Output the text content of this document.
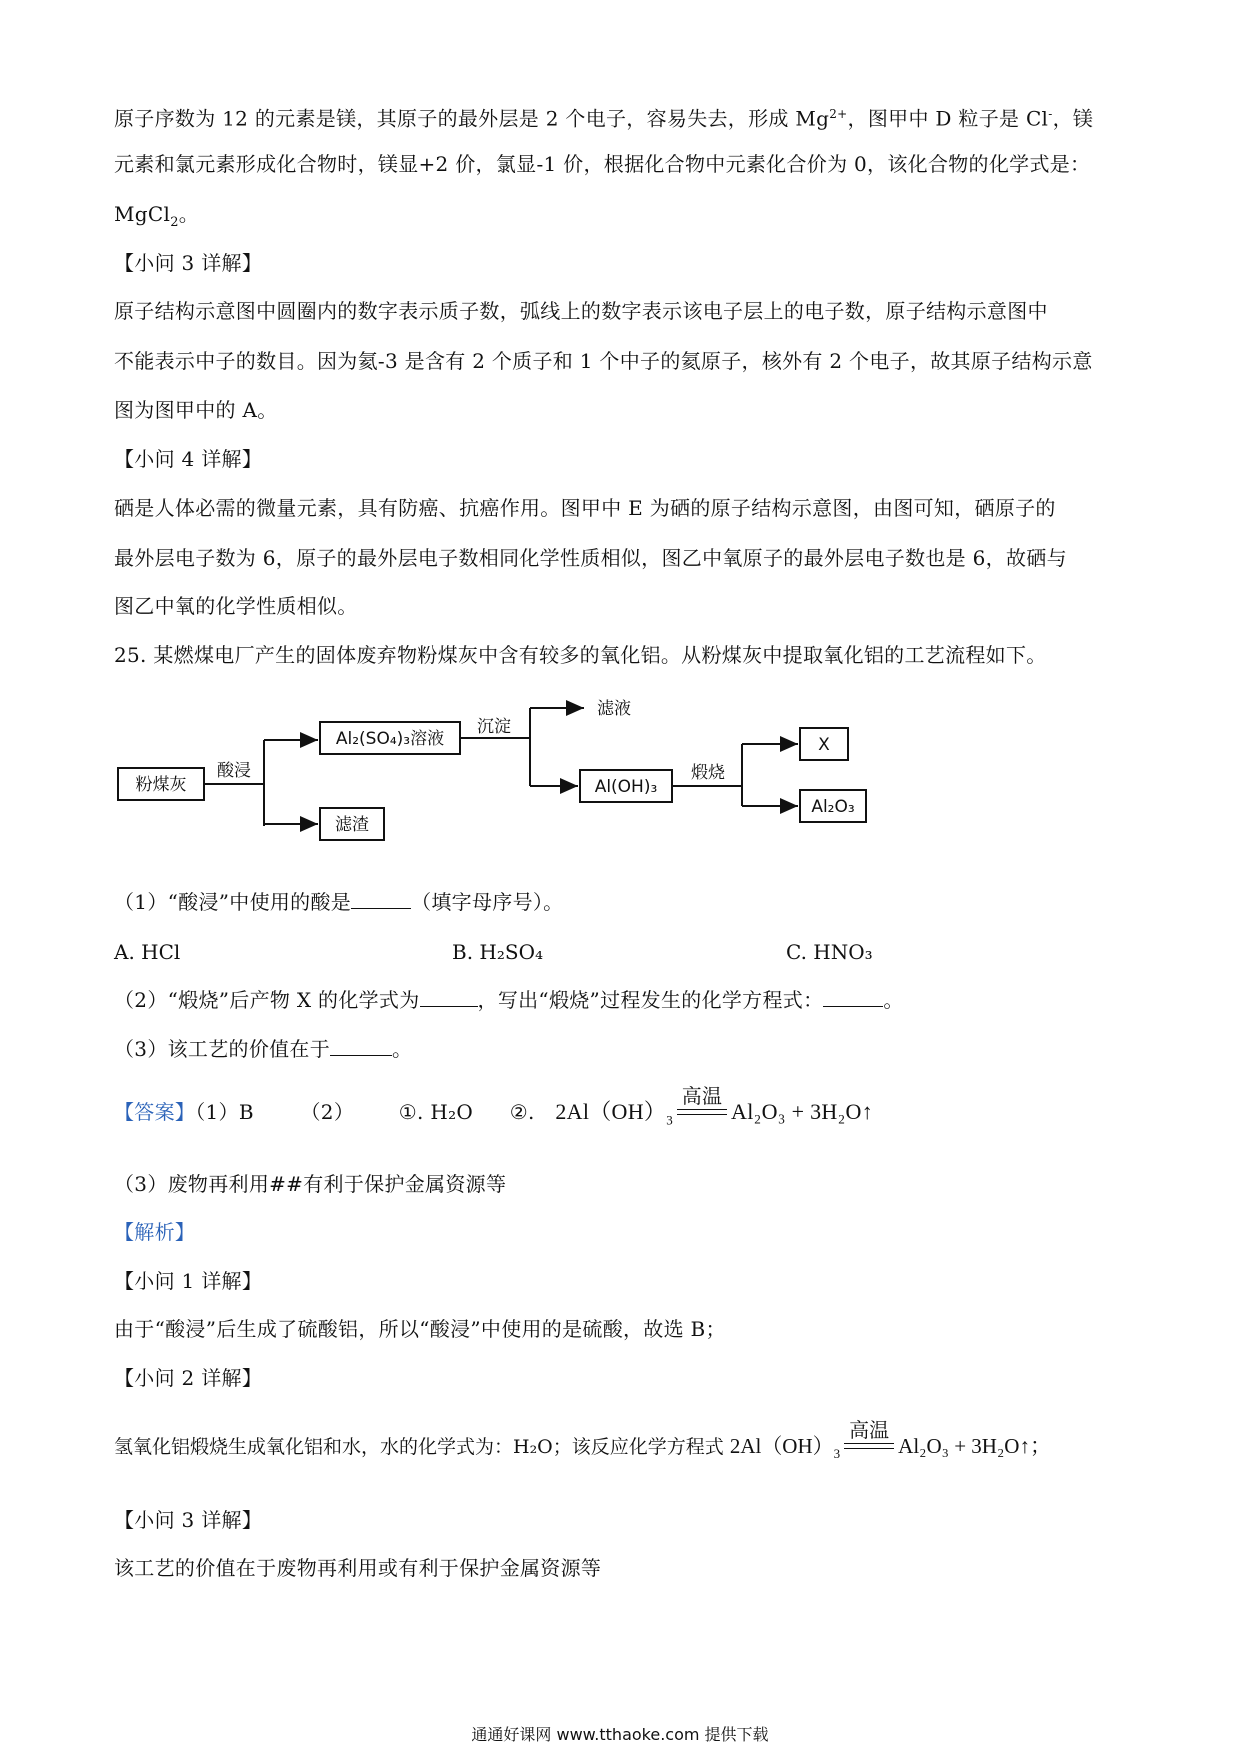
原子序数为 12 的元素是镁，其原子的最外层是 2 个电子，容易失去，形成 $Mg^{2+}$，图甲中 D 粒子是 Cl-，镁
元素和氯元素形成化合物时，镁显+2 价，氯显-1 价，根据化合物中元素化合价为 0，该化合物的化学式是：
MgCl$_2$。
【小问 3 详解】
原子结构示意图中圆圈内的数字表示质子数，弧线上的数字表示该电子层上的电子数，原子结构示意图中
不能表示中子的数目。因为氦-3 是含有 2 个质子和 1 个中子的氦原子，核外有 2 个电子，故其原子结构示意
图为图甲中的 A。
【小问 4 详解】
硒是人体必需的微量元素，具有防癌、抗癌作用。图甲中 E 为硒的原子结构示意图，由图可知，硒原子的
最外层电子数为 6，原子的最外层电子数相同化学性质相似，图乙中氧原子的最外层电子数也是 6，故硒与
图乙中氧的化学性质相似。
25. 某燃煤电厂产生的固体废弃物粉煤灰中含有较多的氧化铝。从粉煤灰中提取氧化铝的工艺流程如下。
粉煤灰
酸浸
Al₂(SO₄)₃溶液
滤渣
沉淀
滤液
Al(OH)₃
煅烧
X
Al₂O₃
（1）“酸浸”中使用的酸是	（填字母序号）。
A. HCl	B. H₂SO₄	C. HNO₃
（2）“煅烧”后产物 X 的化学式为	，写出“煅烧”过程发生的化学方程式：	。
（3）该工艺的价值在于	。
【答案】（1）B （2） ①. H₂O ②. $2Al(OH)_3$
高温
Al₂O₃ + 3H₂O↑
（3）废物再利用##有利于保护金属资源等
【解析】
【小问 1 详解】
由于“酸浸”后生成了硫酸铝，所以“酸浸”中使用的是硫酸，故选 B；
【小问 2 详解】
氢氧化铝煅烧生成氧化铝和水，水的化学式为：H₂O；该反应化学方程式 $2Al(OH)_3$
高温
Al₂O₃ + 3H₂O↑；
【小问 3 详解】
该工艺的价值在于废物再利用或有利于保护金属资源等
通通好课网 www.tthaoke.com 提供下载
